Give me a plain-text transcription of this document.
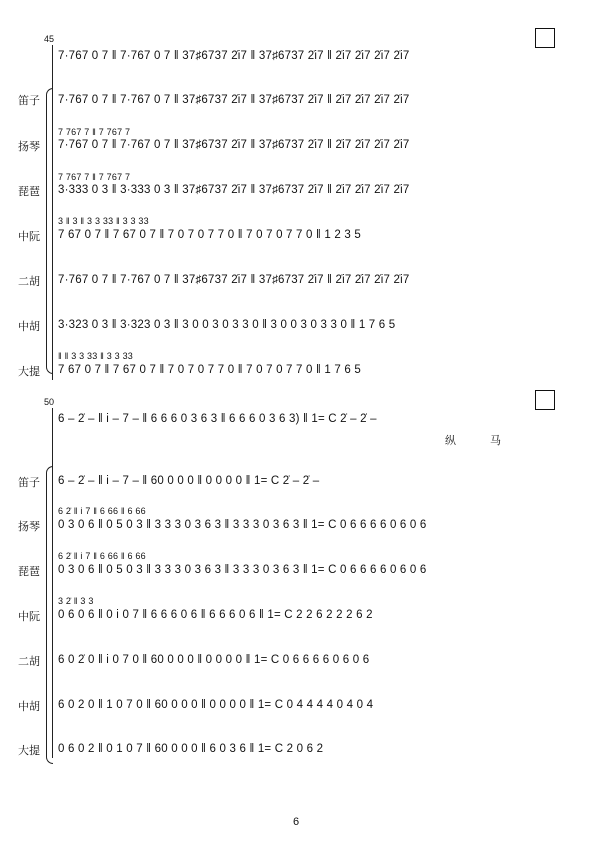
45
7·767 0 7 ‖ 7·767 0 7 ‖ 37♯6737 2̇i7 ‖ 37♯6737 2̇i7 ‖ 2̇i7 2̇i7 2̇i7 2̇i7
笛子 7·767 0 7 ‖ 7·767 0 7 ‖ 37♯6737 2̇i7 ‖ 37♯6737 2̇i7 ‖ 2̇i7 2̇i7 2̇i7 2̇i7
扬琴
7 767 7 ‖ 7 767 7
7·767 0 7 ‖ 7·767 0 7 ‖ 37♯6737 2̇i7 ‖ 37♯6737 2̇i7 ‖ 2̇i7 2̇i7 2̇i7 2̇i7
琵琶
7 767 7 ‖ 7 767 7
3·333 0 3 ‖ 3·333 0 3 ‖ 37♯6737 2̇i7 ‖ 37♯6737 2̇i7 ‖ 2̇i7 2̇i7 2̇i7 2̇i7
中阮
3 ‖ 3 ‖ 3 3 33 ‖ 3 3 33
7 67 0 7 ‖ 7 67 0 7 ‖ 7 0 7 0 7 7 0 ‖ 7 0 7 0 7 7 0 ‖ 1 2 3 5
二胡 7·767 0 7 ‖ 7·767 0 7 ‖ 37♯6737 2̇i7 ‖ 37♯6737 2̇i7 ‖ 2̇i7 2̇i7 2̇i7 2̇i7
中胡 3·323 0 3 ‖ 3·323 0 3 ‖ 3 0 0 3 0 3 3 0 ‖ 3 0 0 3 0 3 3 0 ‖ 1 7 6 5
大提
‖ ‖ 3 3 33 ‖ 3 3 33
7 67 0 7 ‖ 7 67 0 7 ‖ 7 0 7 0 7 7 0 ‖ 7 0 7 0 7 7 0 ‖ 1 7 6 5
50
6 – 2̇ – ‖ i – 7 – ‖ 6 6 6 0 3 6 3 ‖ 6 6 6 0 3 6 3) ‖ 1= C 2̇ – 2̇ –
纵	马
笛子 6 – 2̇ – ‖ i – 7 – ‖ 60 0 0 0 ‖ 0 0 0 0 ‖ 1= C 2̇ – 2̇ –
扬琴
6 2̇ ‖ i 7 ‖ 6 66 ‖ 6 66
0 3 0 6 ‖ 0 5 0 3 ‖ 3 3 3 0 3 6 3 ‖ 3 3 3 0 3 6 3 ‖ 1= C 0 6 6 6 6 0 6 0 6
琵琶
6 2̇ ‖ i 7 ‖ 6 66 ‖ 6 66
0 3 0 6 ‖ 0 5 0 3 ‖ 3 3 3 0 3 6 3 ‖ 3 3 3 0 3 6 3 ‖ 1= C 0 6 6 6 6 0 6 0 6
中阮
3 2̇ ‖ 3 3
0 6 0 6 ‖ 0 i 0 7 ‖ 6 6 6 0 6 ‖ 6 6 6 0 6 ‖ 1= C 2 2 6 2 2 2 6 2
二胡 6 0 2̇ 0 ‖ i 0 7 0 ‖ 60 0 0 0 ‖ 0 0 0 0 ‖ 1= C 0 6 6 6 6 0 6 0 6
中胡 6 0 2 0 ‖ 1 0 7 0 ‖ 60 0 0 0 ‖ 0 0 0 0 ‖ 1= C 0 4 4 4 4 0 4 0 4
大提 0 6 0 2 ‖ 0 1 0 7 ‖ 60 0 0 0 ‖ 6 0 3 6 ‖ 1= C 2 0 6 2
6
